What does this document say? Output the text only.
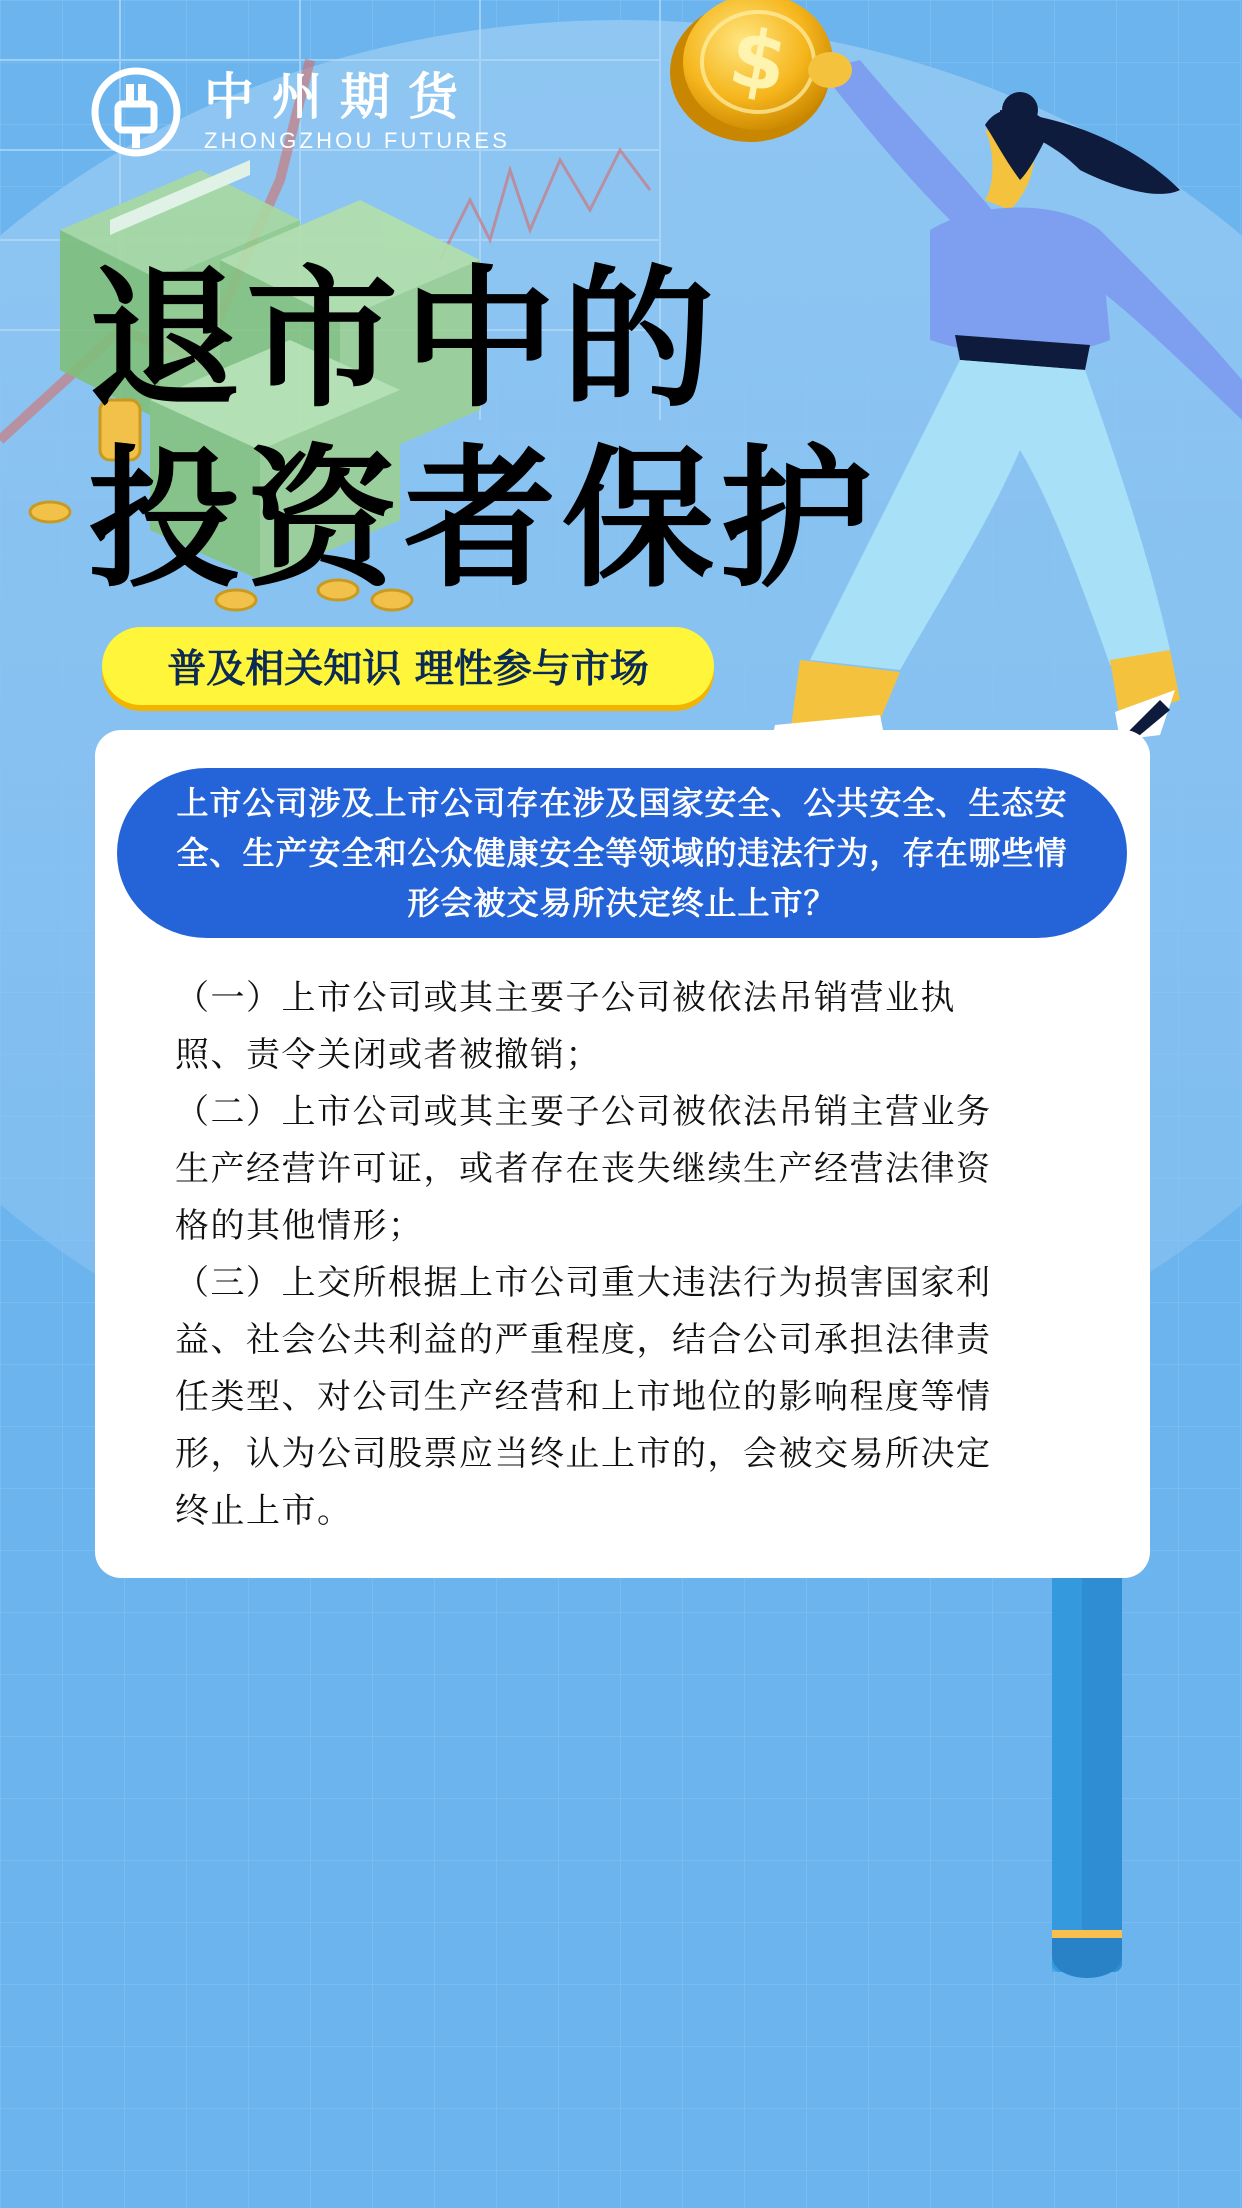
$
中州期货
ZHONGZHOU FUTURES
退市中的
投资者保护
普及相关知识 理性参与市场
上市公司涉及上市公司存在涉及国家安全、公共安全、生态安全、生产安全和公众健康安全等领域的违法行为，存在哪些情形会被交易所决定终止上市？

（一）上市公司或其主要子公司被依法吊销营业执照、责令关闭或者被撤销；

（二）上市公司或其主要子公司被依法吊销主营业务生产经营许可证，或者存在丧失继续生产经营法律资格的其他情形；

（三）上交所根据上市公司重大违法行为损害国家利益、社会公共利益的严重程度，结合公司承担法律责任类型、对公司生产经营和上市地位的影响程度等情形，认为公司股票应当终止上市的，会被交易所决定终止上市。
